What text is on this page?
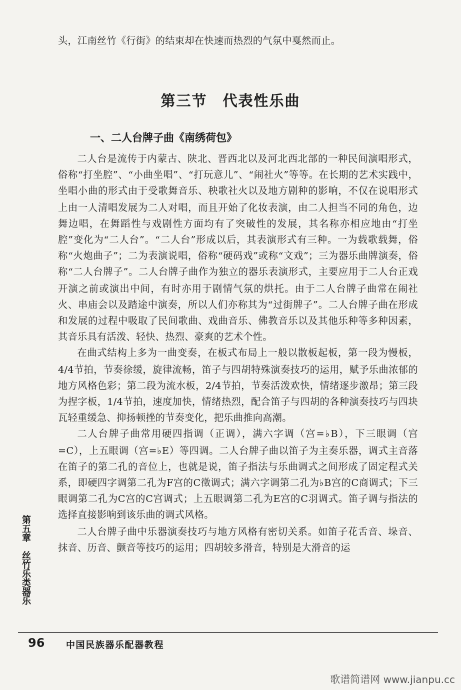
头，江南丝竹《行街》的结束却在快速而热烈的气氛中戛然而止。

第三节　代表性乐曲
一、二人台牌子曲《南绣荷包》

二人台是流传于内蒙古、陕北、晋西北以及河北西北部的一种民间演唱形式，俗称“打坐腔”、“小曲坐唱”、“打玩意儿”、“闹社火”等等。在长期的艺术实践中，坐唱小曲的形式由于受歌舞音乐、秧歌社火以及地方剧种的影响，不仅在说唱形式上由一人清唱发展为二人对唱，而且开始了化妆表演，由二人担当不同的角色，边舞边唱，在舞蹈性与戏剧性方面均有了突破性的发展，其名称亦相应地由“打坐腔”变化为“二人台”。“二人台”形成以后，其表演形式有三种。一为载歌载舞，俗称“火炮曲子”；二为表演说唱，俗称“硬码戏”或称“文戏”；三为器乐曲牌演奏，俗称“二人台牌子”。二人台牌子曲作为独立的器乐表演形式，主要应用于二人台正戏开演之前或演出中间，有时亦用于剧情气氛的烘托。由于二人台牌子曲常在闹社火、串庙会以及踏途中演奏，所以人们亦称其为“过街牌子”。二人台牌子曲在形成和发展的过程中吸取了民间歌曲、戏曲音乐、佛教音乐以及其他乐种等多种因素，其音乐具有活泼、轻快、热烈、豪爽的艺术个性。

在曲式结构上多为一曲变奏，在板式布局上一般以散板起板，第一段为慢板，4/4节拍，节奏徐缓，旋律流畅，笛子与四胡特殊演奏技巧的运用，赋予乐曲浓郁的地方风格色彩；第二段为流水板，2/4节拍，节奏活泼欢快，情绪逐步激昂；第三段为捏字板，1/4节拍，速度加快，情绪热烈，配合笛子与四胡的各种演奏技巧与四块瓦轻重缓急、抑扬顿挫的节奏变化，把乐曲推向高潮。

二人台牌子曲常用硬四指调（正调），满六字调（宫=♭B），下三眼调（宫=C），上五眼调（宫=♭E）等四调。二人台牌子曲以笛子为主奏乐器，调式主音落在笛子的第二孔的音位上，也就是说，笛子指法与乐曲调式之间形成了固定程式关系，即硬四字调第二孔为F宫的C徵调式；满六字调第二孔为♭B宫的C商调式；下三眼调第二孔为C宫的C宫调式；上五眼调第二孔为E宫的C羽调式。笛子调与指法的选择直接影响到该乐曲的调式风格。

二人台牌子曲中乐器演奏技巧与地方风格有密切关系。如笛子花舌音、垛音、抹音、历音、颤音等技巧的运用；四胡较多滑音，特别是大滑音的运

第五章　丝竹乐类器乐
96 中国民族器乐配器教程
歌谱简谱网 www.jianpu.cc
